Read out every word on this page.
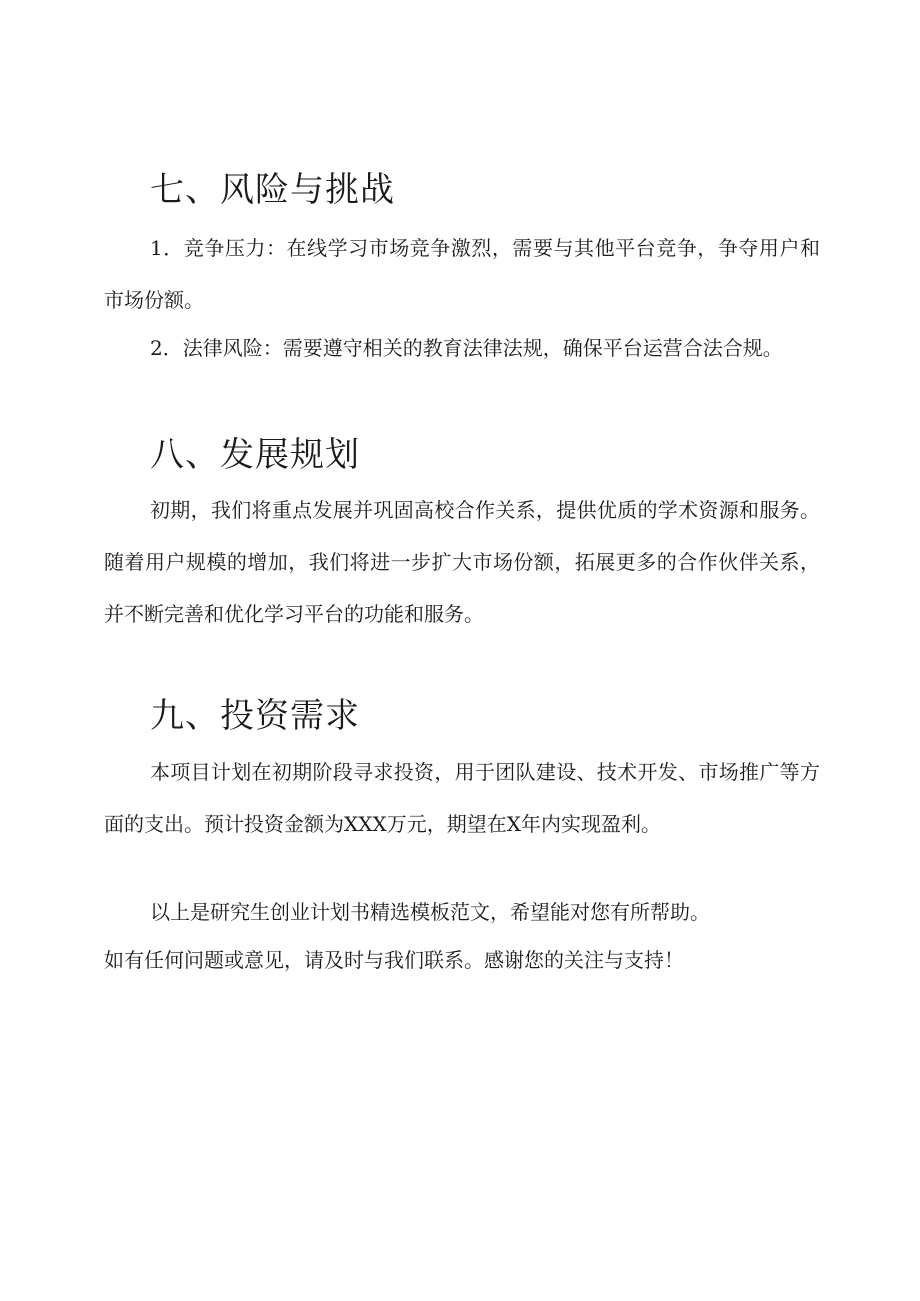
七、风险与挑战

1．竞争压力：在线学习市场竞争激烈，需要与其他平台竞争，争夺用户和市场份额。

2．法律风险：需要遵守相关的教育法律法规，确保平台运营合法合规。

八、发展规划

初期，我们将重点发展并巩固高校合作关系，提供优质的学术资源和服务。随着用户规模的增加，我们将进一步扩大市场份额，拓展更多的合作伙伴关系，并不断完善和优化学习平台的功能和服务。

九、投资需求

本项目计划在初期阶段寻求投资，用于团队建设、技术开发、市场推广等方面的支出。预计投资金额为XXX万元，期望在X年内实现盈利。

以上是研究生创业计划书精选模板范文，希望能对您有所帮助。

如有任何问题或意见，请及时与我们联系。感谢您的关注与支持！
